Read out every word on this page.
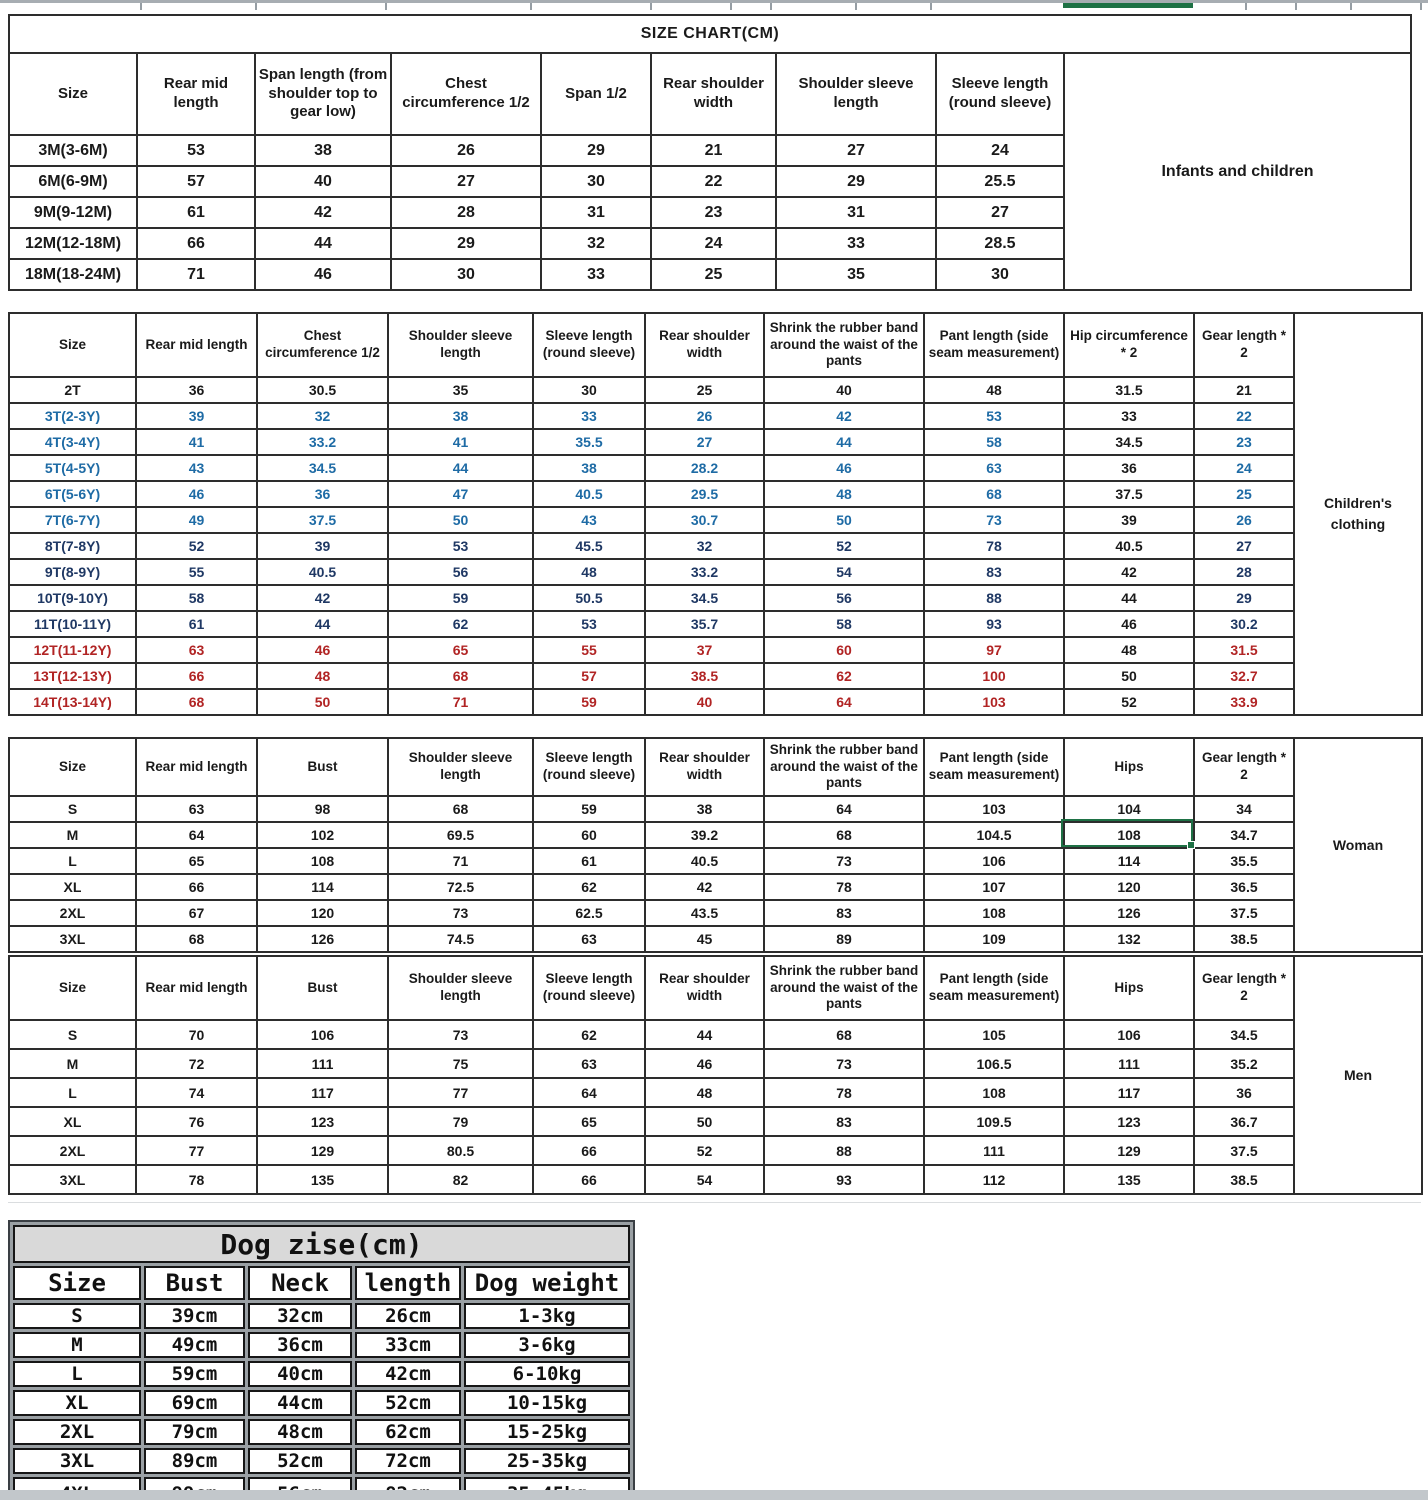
SIZE CHART(CM)								
Size	Rear mid length	Span length (from shoulder top to gear low)	Chest circumference 1/2	Span 1/2	Rear shoulder width	Shoulder sleeve length	Sleeve length (round sleeve)	Infants and children
3M(3-6M)	53	38	26	29	21	27	24	
6M(6-9M)	57	40	27	30	22	29	25.5	
9M(9-12M)	61	42	28	31	23	31	27	
12M(12-18M)	66	44	29	32	24	33	28.5	
18M(18-24M)	71	46	30	33	25	35	30	
Size	Rear mid length	Chest circumference 1/2	Shoulder sleeve length	Sleeve length (round sleeve)	Rear shoulder width	Shrink the rubber band around the waist of the pants	Pant length (side seam measurement)	Hip circumference * 2	Gear length * 2	Children's clothing
2T	36	30.5	35	30	25	40	48	31.5	21	
3T(2-3Y)	39	32	38	33	26	42	53	33	22	
4T(3-4Y)	41	33.2	41	35.5	27	44	58	34.5	23	
5T(4-5Y)	43	34.5	44	38	28.2	46	63	36	24	
6T(5-6Y)	46	36	47	40.5	29.5	48	68	37.5	25	
7T(6-7Y)	49	37.5	50	43	30.7	50	73	39	26	
8T(7-8Y)	52	39	53	45.5	32	52	78	40.5	27	
9T(8-9Y)	55	40.5	56	48	33.2	54	83	42	28	
10T(9-10Y)	58	42	59	50.5	34.5	56	88	44	29	
11T(10-11Y)	61	44	62	53	35.7	58	93	46	30.2	
12T(11-12Y)	63	46	65	55	37	60	97	48	31.5	
13T(12-13Y)	66	48	68	57	38.5	62	100	50	32.7	
14T(13-14Y)	68	50	71	59	40	64	103	52	33.9	
Size	Rear mid length	Bust	Shoulder sleeve length	Sleeve length (round sleeve)	Rear shoulder width	Shrink the rubber band around the waist of the pants	Pant length (side seam measurement)	Hips	Gear length * 2	Woman
S	63	98	68	59	38	64	103	104	34	
M	64	102	69.5	60	39.2	68	104.5	108	34.7	
L	65	108	71	61	40.5	73	106	114	35.5	
XL	66	114	72.5	62	42	78	107	120	36.5	
2XL	67	120	73	62.5	43.5	83	108	126	37.5	
3XL	68	126	74.5	63	45	89	109	132	38.5	
Size	Rear mid length	Bust	Shoulder sleeve length	Sleeve length (round sleeve)	Rear shoulder width	Shrink the rubber band around the waist of the pants	Pant length (side seam measurement)	Hips	Gear length * 2	Men
S	70	106	73	62	44	68	105	106	34.5	
M	72	111	75	63	46	73	106.5	111	35.2	
L	74	117	77	64	48	78	108	117	36	
XL	76	123	79	65	50	83	109.5	123	36.7	
2XL	77	129	80.5	66	52	88	111	129	37.5	
3XL	78	135	82	66	54	93	112	135	38.5	
Dog zise(cm)				
Size	Bust	Neck	length	Dog weight
S	39cm	32cm	26cm	1-3kg
M	49cm	36cm	33cm	3-6kg
L	59cm	40cm	42cm	6-10kg
XL	69cm	44cm	52cm	10-15kg
2XL	79cm	48cm	62cm	15-25kg
3XL	89cm	52cm	72cm	25-35kg
